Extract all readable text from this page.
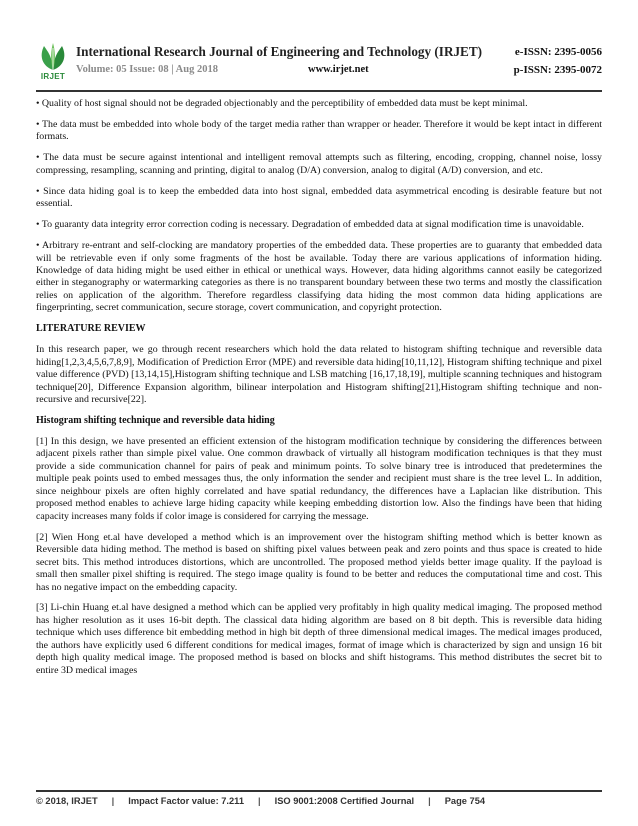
IRJET
International Research Journal of Engineering and Technology (IRJET)	e-ISSN: 2395-0056
Volume: 05 Issue: 08 | Aug 2018	www.irjet.net	p-ISSN: 2395-0072

• Quality of host signal should not be degraded objectionably and the perceptibility of embedded data must be kept minimal.

• The data must be embedded into whole body of the target media rather than wrapper or header. Therefore it would be kept intact in different formats.

• The data must be secure against intentional and intelligent removal attempts such as filtering, encoding, cropping, channel noise, lossy compressing, resampling, scanning and printing, digital to analog (D/A) conversion, analog to digital (A/D) conversion, and etc.

• Since data hiding goal is to keep the embedded data into host signal, embedded data asymmetrical encoding is desirable feature but not essential.

• To guaranty data integrity error correction coding is necessary. Degradation of embedded data at signal modification time is unavoidable.

• Arbitrary re-entrant and self-clocking are mandatory properties of the embedded data. These properties are to guaranty that embedded data will be retrievable even if only some fragments of the host be available. Today there are various applications of information hiding. Knowledge of data hiding might be used either in ethical or unethical ways. However, data hiding algorithms cannot easily be categorized either in steganography or watermarking categories as there is no transparent boundary between these two terms and mostly the classification relies on application of the algorithm. Therefore regardless classifying data hiding the most common data hiding applications are fingerprinting, secret communication, secure storage, covert communication, and copyright protection.

LITERATURE REVIEW

In this research paper, we go through recent researchers which hold the data related to histogram shifting technique and reversible data hiding[1,2,3,4,5,6,7,8,9], Modification of Prediction Error (MPE) and reversible data hiding[10,11,12], Histogram shifting technique and pixel value difference (PVD) [13,14,15],Histogram shifting technique and LSB matching [16,17,18,19], multiple scanning techniques and histogram technique[20], Difference Expansion algorithm, bilinear interpolation and Histogram shifting[21],Histogram shifting technique and non-recursive and recursive[22].

Histogram shifting technique and reversible data hiding

[1] In this design, we have presented an efficient extension of the histogram modification technique by considering the differences between adjacent pixels rather than simple pixel value. One common drawback of virtually all histogram modification techniques is that they must provide a side communication channel for pairs of peak and minimum points. To solve binary tree is introduced that predetermines the multiple peak points used to embed messages thus, the only information the sender and recipient must share is the tree level L. In addition, since neighbour pixels are often highly correlated and have spatial redundancy, the differences have a Laplacian like distribution. This proposed method enables to achieve large hiding capacity while keeping embedding distortion low. Also the findings have been that hiding capacity increases many folds if color image is considered for carrying the message.

[2] Wien Hong et.al have developed a method which is an improvement over the histogram shifting method which is better known as Reversible data hiding method. The method is based on shifting pixel values between peak and zero points and thus space is created to hide secret bits. This method introduces distortions, which are uncontrolled. The proposed method yields better image quality. If the payload is small then smaller pixel shifting is required. The stego image quality is found to be better and reduces the computational time and cost. This has no negative impact on the embedding capacity.

[3] Li-chin Huang et.al have designed a method which can be applied very profitably in high quality medical imaging. The proposed method has higher resolution as it uses 16-bit depth. The classical data hiding algorithm are based on 8 bit depth. This is reversible data hiding technique which uses difference bit embedding method in high bit depth of three dimensional medical images. The medical images produced, the authors have explicitly used 6 different conditions for medical images, format of image which is characterized by sign and unsign 16 bit depth high quality medical image. The proposed method is based on blocks and shift histograms. This method distributes the secret bit to entire 3D medical images

© 2018, IRJET | Impact Factor value: 7.211 | ISO 9001:2008 Certified Journal | Page 754
